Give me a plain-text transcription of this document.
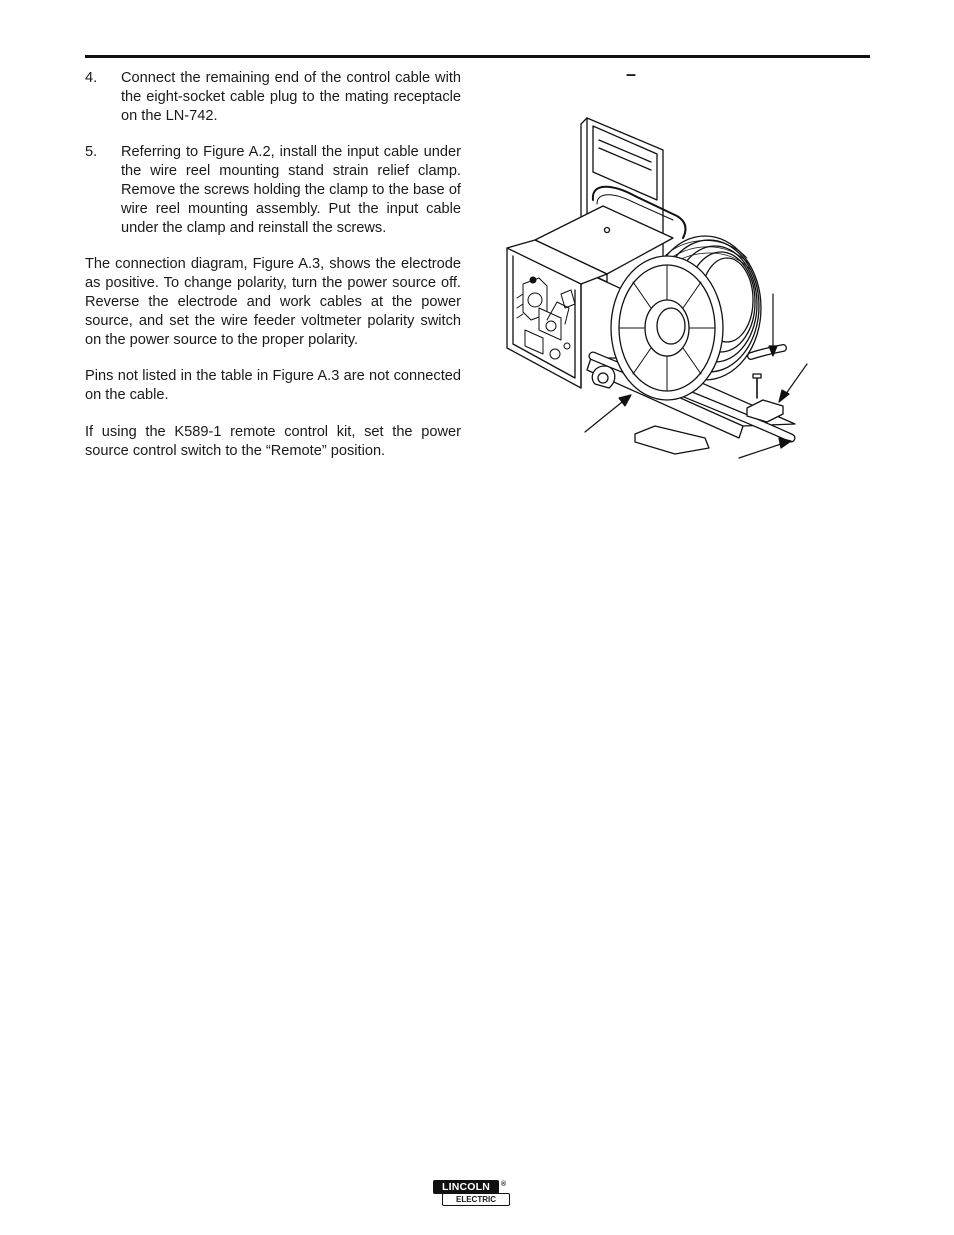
4. Connect the remaining end of the control cable with the eight-socket cable plug to the mating receptacle on the LN-742.
5. Referring to Figure A.2, install the input cable under the wire reel mounting stand strain relief clamp. Remove the screws holding the clamp to the base of wire reel mounting assembly. Put the input cable under the clamp and reinstall the screws.

The connection diagram, Figure A.3, shows the electrode as positive. To change polarity, turn the power source off. Reverse the electrode and work cables at the power source, and set the wire feeder voltmeter polarity switch on the power source to the proper polarity.

Pins not listed in the table in Figure A.3 are not connected on the cable.

If using the K589-1 remote control kit, set the power source control switch to the “Remote” position.

–
LINCOLN
ELECTRIC
®
